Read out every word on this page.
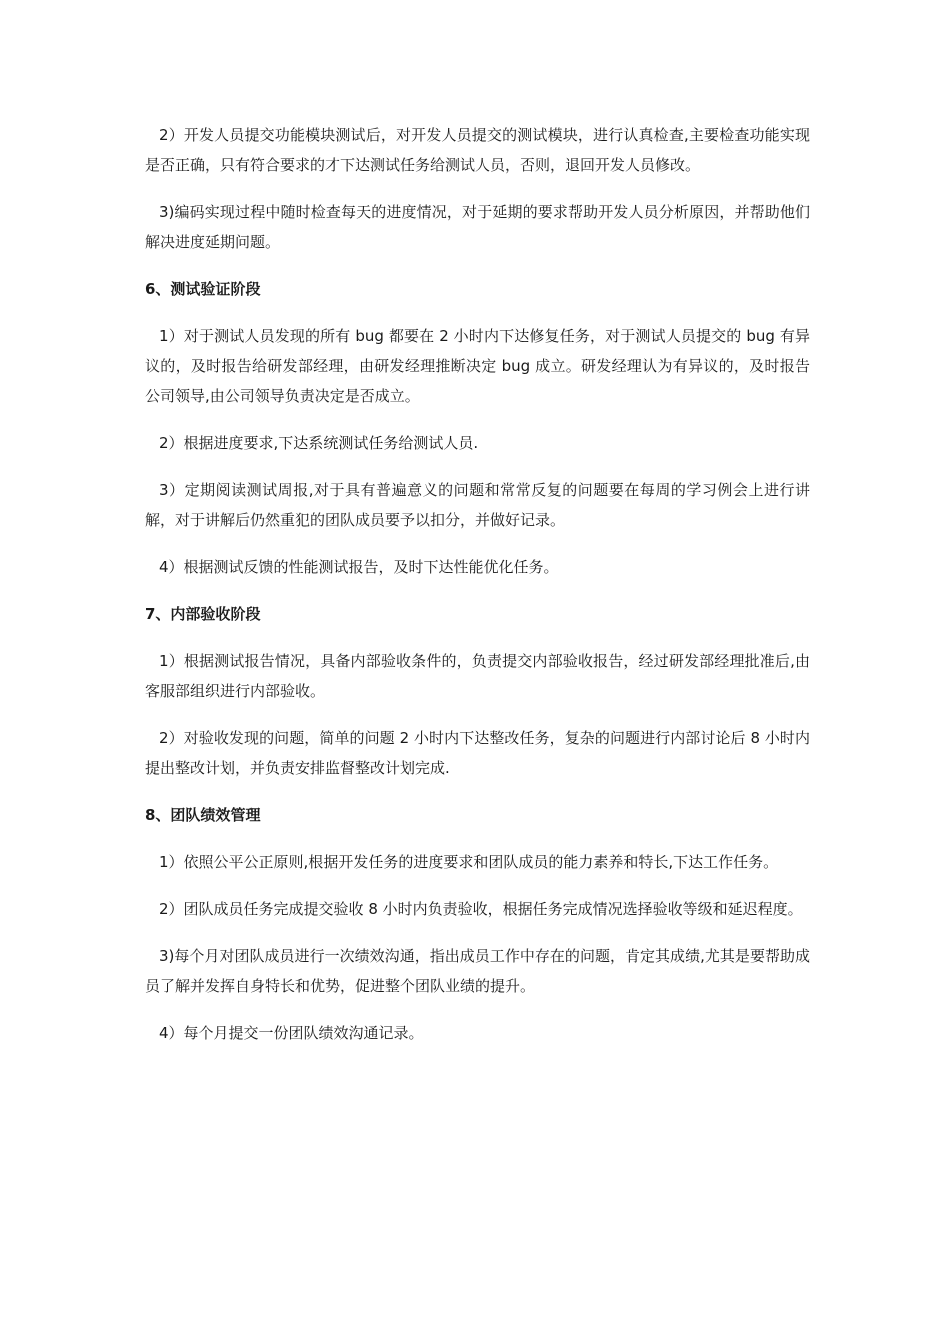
2）开发人员提交功能模块测试后，对开发人员提交的测试模块，进行认真检查,主要检查功能实现是否正确，只有符合要求的才下达测试任务给测试人员，否则，退回开发人员修改。

3)编码实现过程中随时检查每天的进度情况，对于延期的要求帮助开发人员分析原因，并帮助他们解决进度延期问题。

6、测试验证阶段

1）对于测试人员发现的所有 bug 都要在 2 小时内下达修复任务，对于测试人员提交的 bug 有异议的，及时报告给研发部经理，由研发经理推断决定 bug 成立。研发经理认为有异议的，及时报告公司领导,由公司领导负责决定是否成立。

2）根据进度要求,下达系统测试任务给测试人员.

3）定期阅读测试周报,对于具有普遍意义的问题和常常反复的问题要在每周的学习例会上进行讲解，对于讲解后仍然重犯的团队成员要予以扣分，并做好记录。

4）根据测试反馈的性能测试报告，及时下达性能优化任务。

7、内部验收阶段

1）根据测试报告情况，具备内部验收条件的，负责提交内部验收报告，经过研发部经理批准后,由客服部组织进行内部验收。

2）对验收发现的问题，简单的问题 2 小时内下达整改任务，复杂的问题进行内部讨论后 8 小时内提出整改计划，并负责安排监督整改计划完成.

8、团队绩效管理

1）依照公平公正原则,根据开发任务的进度要求和团队成员的能力素养和特长,下达工作任务。

2）团队成员任务完成提交验收 8 小时内负责验收，根据任务完成情况选择验收等级和延迟程度。

3)每个月对团队成员进行一次绩效沟通，指出成员工作中存在的问题，肯定其成绩,尤其是要帮助成员了解并发挥自身特长和优势，促进整个团队业绩的提升。

4）每个月提交一份团队绩效沟通记录。
